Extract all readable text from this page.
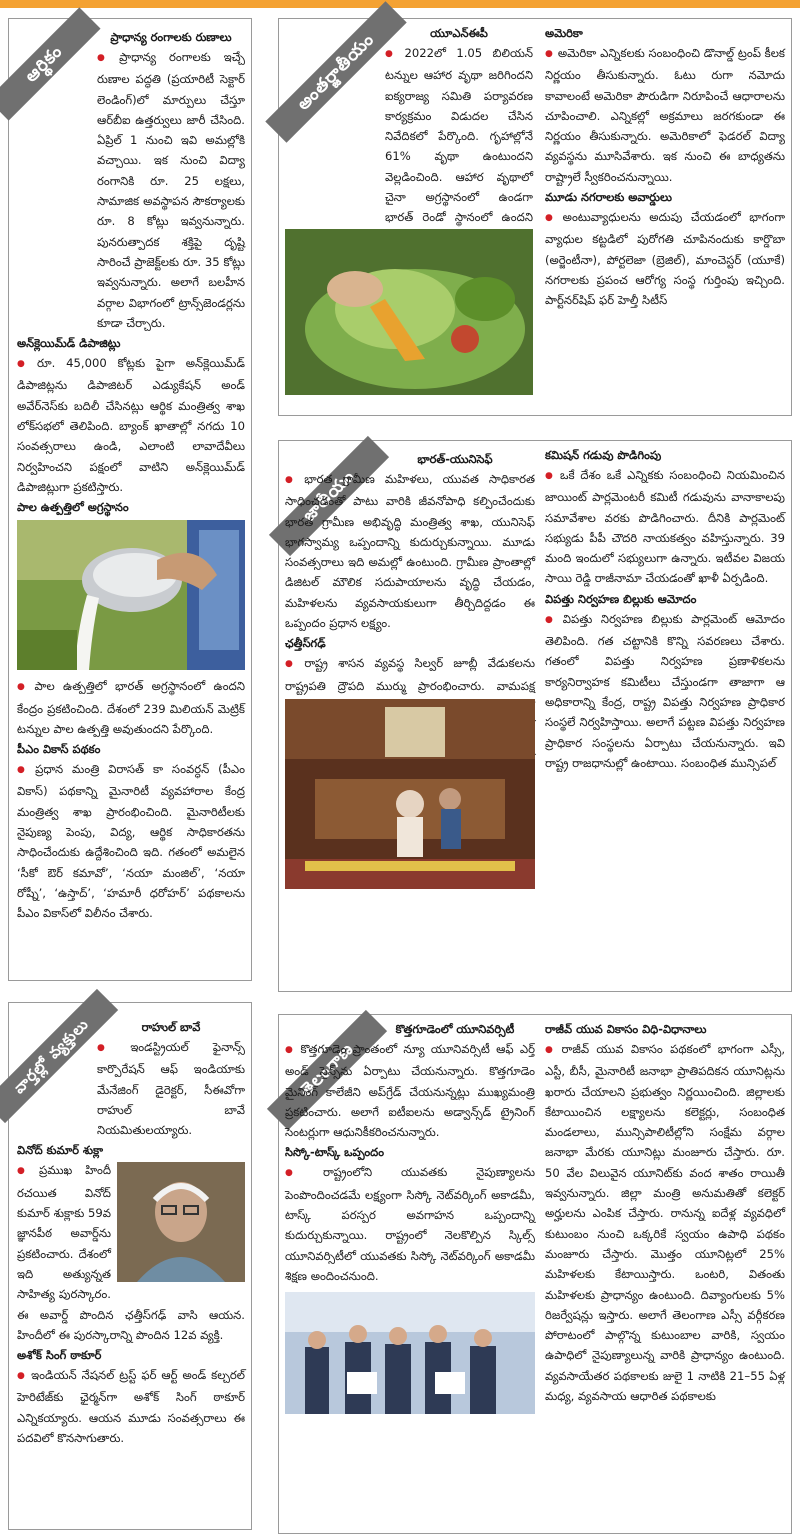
ఆర్థికం
ప్రాధాన్య రంగాలకు రుణాలు
● ప్రాధాన్య రంగాలకు ఇచ్చే రుణాల పద్ధతి (ప్రయారిటీ సెక్టార్ లెండింగ్)లో మార్పులు చేస్తూ ఆర్‌బీఐ ఉత్తర్వులు జారీ చేసింది. ఏప్రిల్ 1 నుంచి ఇవి అమల్లోకి వచ్చాయి. ఇక నుంచి విద్యా రంగానికి రూ. 25 లక్షలు, సామాజిక అవస్థాపన సౌకర్యాలకు రూ. 8 కోట్లు ఇవ్వనున్నారు. పునరుత్పాదక శక్తిపై దృష్టి సారించే ప్రాజెక్ట్‌లకు రూ. 35 కోట్లు ఇవ్వనున్నారు. అలాగే బలహీన వర్గాల విభాగంలో ట్రాన్స్‌జెండర్లను కూడా చేర్చారు.
అన్‌క్లెయిమ్‌డ్ డిపాజిట్లు
● రూ. 45,000 కోట్లకు పైగా అన్‌క్లెయిమ్‌డ్ డిపాజిట్లను డిపాజిటర్ ఎడ్యుకేషన్ అండ్ అవేర్‌నెస్‌కు బదిలీ చేసినట్లు ఆర్థిక మంత్రిత్వ శాఖ లోక్‌సభలో తెలిపింది. బ్యాంక్ ఖాతాల్లో నగదు 10 సంవత్సరాలు ఉండి, ఎలాంటి లావాదేవీలు నిర్వహించని పక్షంలో వాటిని అన్‌క్లెయిమ్‌డ్ డిపాజిట్లుగా ప్రకటిస్తారు.
పాల ఉత్పత్తిలో అగ్రస్థానం
● పాల ఉత్పత్తిలో భారత్ అగ్రస్థానంలో ఉందని కేంద్రం ప్రకటించింది. దేశంలో 239 మిలియన్ మెట్రిక్ టన్నుల పాల ఉత్పత్తి అవుతుందని పేర్కొంది.
పీఎం వికాస్ పథకం
● ప్రధాన మంత్రి విరాసత్ కా సంవర్ధన్ (పీఎం వికాస్) పథకాన్ని మైనారిటీ వ్యవహారాల కేంద్ర మంత్రిత్వ శాఖ ప్రారంభించింది. మైనారిటీలకు నైపుణ్య పెంపు, విద్య, ఆర్థిక సాధికారతను సాధించేందుకు ఉద్దేశించింది ఇది. గతంలో అమలైన ‘సీకో ఔర్ కమావో’, ‘నయా మంజిల్’, ‘నయా రోష్నీ’, ‘ఉస్తాద్’, ‘హమారీ ధరోహర్’ పథకాలను పీఎం వికాస్‌లో విలీనం చేశారు.
వార్తల్లో వ్యక్తులు	రాహుల్ బావే
● ఇండస్ట్రియల్ ఫైనాన్స్ కార్పొరేషన్ ఆఫ్ ఇండియాకు మేనేజింగ్ డైరెక్టర్, సీఈవోగా రాహుల్ బావే నియమితులయ్యారు.
వినోద్ కుమార్ శుక్లా
● ప్రముఖ హిందీ రచయిత వినోద్ కుమార్ శుక్లాకు 59వ జ్ఞానపీఠ అవార్డ్‌ను ప్రకటించారు. దేశంలో ఇది అత్యున్నత సాహిత్య పురస్కారం. ఈ అవార్డ్ పొందిన ఛత్తీస్‌గఢ్ వాసి ఆయన. హిందీలో ఈ పురస్కారాన్ని పొందిన 12వ వ్యక్తి.
అశోక్ సింగ్ ఠాకూర్
● ఇండియన్ నేషనల్ ట్రస్ట్ ఫర్ ఆర్ట్ అండ్ కల్చరల్ హెరిటేజ్‌కు ఛైర్మన్‌గా అశోక్ సింగ్ ఠాకూర్ ఎన్నికయ్యారు. ఆయన మూడు సంవత్సరాలు ఈ పదవిలో కొనసాగుతారు.
అంతర్జాతీయం	యూఎన్ఈపీ
● 2022లో 1.05 బిలియన్ టన్నుల ఆహార వృథా జరిగిందని ఐక్యరాజ్య సమితి పర్యావరణ కార్యక్రమం విడుదల చేసిన నివేదికలో పేర్కొంది. గృహాల్లోనే 61% వృథా ఉంటుందని వెల్లడించింది. ఆహార వృథాలో చైనా అగ్రస్థానంలో ఉండగా భారత్ రెండో స్థానంలో ఉందని
అమెరికా
● అమెరికా ఎన్నికలకు సంబంధించి డొనాల్డ్ ట్రంప్ కీలక నిర్ణయం తీసుకున్నారు. ఓటు రుగా నమోదు కావాలంటే అమెరికా పౌరుడిగా నిరూపించే ఆధారాలను చూపించాలి. ఎన్నికల్లో అక్రమాలు జరగకుండా ఈ నిర్ణయం తీసుకున్నారు. అమెరికాలో ఫెడరల్ విద్యా వ్యవస్థను మూసివేశారు. ఇక నుంచి ఈ బాధ్యతను రాష్ట్రాలే స్వీకరించనున్నాయి.
మూడు నగరాలకు అవార్డులు
● అంటువ్యాధులను అదుపు చేయడంలో భాగంగా వ్యాధుల కట్టడిలో పురోగతి చూపినందుకు కార్డొబా (అర్జెంటీనా), పోర్టలెజా (బ్రెజిల్), మాంచెస్టర్ (యూకే) నగరాలకు ప్రపంచ ఆరోగ్య సంస్థ గుర్తింపు ఇచ్చింది. పార్ట్‌నర్‌షిప్ ఫర్ హెల్తీ సిటీస్
జాతీయం
భారత్-యునిసెఫ్
● భారత గ్రామీణ మహిళలు, యువత సాధికారత సాధించడంతో పాటు వారికి జీవనోపాధి కల్పించేందుకు భారత గ్రామీణ అభివృద్ధి మంత్రిత్వ శాఖ, యునిసెఫ్ భాగస్వామ్య ఒప్పందాన్ని కుదుర్చుకున్నాయి. మూడు సంవత్సరాలు ఇది అమల్లో ఉంటుంది. గ్రామీణ ప్రాంతాల్లో డిజిటల్ మౌలిక సదుపాయాలను వృద్ధి చేయడం, మహిళలను వ్యవసాయకులుగా తీర్చిదిద్దడం ఈ ఒప్పందం ప్రధాన లక్ష్యం.
ఛత్తీస్‌గఢ్
● రాష్ట్ర శాసన వ్యవస్థ సిల్వర్ జూబ్లీ వేడుకలను రాష్ట్రపతి ద్రౌపది ముర్ము ప్రారంభించారు. వామపక్ష
కమిషన్ గడువు పొడిగింపు
● ఒకే దేశం ఒకే ఎన్నికకు సంబంధించి నియమించిన జాయింట్ పార్లమెంటరీ కమిటీ గడువును వానాకాలపు సమావేశాల వరకు పొడిగించారు. దీనికి పార్లమెంట్ సభ్యుడు పీపీ చౌదరి నాయకత్వం వహిస్తున్నారు. 39 మంది ఇందులో సభ్యులుగా ఉన్నారు. ఇటీవల విజయ సాయి రెడ్డి రాజీనామా చేయడంతో ఖాళీ ఏర్పడింది.
విపత్తు నిర్వహణ బిల్లుకు ఆమోదం
● విపత్తు నిర్వహణ బిల్లుకు పార్లమెంట్ ఆమోదం తెలిపింది. గత చట్టానికి కొన్ని సవరణలు చేశారు. గతంలో విపత్తు నిర్వహణ ప్రణాళికలను కార్యనిర్వాహక కమిటీలు చేస్తుండగా తాజాగా ఆ అధికారాన్ని కేంద్ర, రాష్ట్ర విపత్తు నిర్వహణ ప్రాధికార సంస్థలే నిర్వహిస్తాయి. అలాగే పట్టణ విపత్తు నిర్వహణ ప్రాధికార సంస్థలను ఏర్పాటు చేయనున్నారు. ఇవి రాష్ట్ర రాజధానుల్లో ఉంటాయి. సంబంధిత మున్సిపల్
తెలంగాణ
కొత్తగూడెంలో యూనివర్సిటీ
● కొత్తగూడెం ప్రాంతంలో న్యూ యూనివర్సిటీ ఆఫ్ ఎర్త్ అండ్ సైన్స్‌ను ఏర్పాటు చేయనున్నారు. కొత్తగూడెం మైనింగ్ కాలేజీని అప్‌గ్రేడ్ చేయనున్నట్లు ముఖ్యమంత్రి ప్రకటించారు. అలాగే ఐటీఐలను అడ్వాన్స్‌డ్ ట్రైనింగ్ సెంటర్లుగా ఆధునికీకరించనున్నారు.
సిస్కో-టాస్క్ ఒప్పందం
● రాష్ట్రంలోని యువతకు నైపుణ్యాలను పెంపొందించడమే లక్ష్యంగా సిస్కో నెట్‌వర్కింగ్ అకాడమీ, టాస్క్ పరస్పర అవగాహన ఒప్పందాన్ని కుదుర్చుకున్నాయి. రాష్ట్రంలో నెలకొల్పిన స్కిల్స్ యూనివర్సిటీలో యువతకు సిస్కో నెట్‌వర్కింగ్ అకాడమీ శిక్షణ అందించనుంది.
రాజీవ్ యువ వికాసం విధి-విధానాలు
● రాజీవ్ యువ వికాసం పథకంలో భాగంగా ఎస్సీ, ఎస్టీ, బీసీ, మైనారిటీ జనాభా ప్రాతిపదికన యూనిట్లను ఖరారు చేయాలని ప్రభుత్వం నిర్ణయించింది. జిల్లాలకు కేటాయించిన లక్ష్యాలను కలెక్టర్లు, సంబంధిత మండలాలు, మున్సిపాలిటీల్లోని సంక్షేమ వర్గాల జనాభా మేరకు యూనిట్లు మంజూరు చేస్తారు. రూ. 50 వేల విలువైన యూనిట్‌కు వంద శాతం రాయితీ ఇవ్వనున్నారు. జిల్లా మంత్రి అనుమతితో కలెక్టర్ అర్హులను ఎంపిక చేస్తారు. రానున్న ఐదేళ్ల వ్యవధిలో కుటుంబం నుంచి ఒక్కరికే స్వయం ఉపాధి పథకం మంజూరు చేస్తారు. మొత్తం యూనిట్లలో 25% మహిళలకు కేటాయిస్తారు. ఒంటరి, వితంతు మహిళలకు ప్రాధాన్యం ఉంటుంది. దివ్యాంగులకు 5% రిజర్వేషన్లు ఇస్తారు. అలాగే తెలంగాణ ఎస్సీ వర్గీకరణ పోరాటంలో పాల్గొన్న కుటుంబాల వారికి, స్వయం ఉపాధిలో నైపుణ్యాలున్న వారికి ప్రాధాన్యం ఉంటుంది. వ్యవసాయేతర పథకాలకు జులై 1 నాటికి 21–55 ఏళ్ల మధ్య, వ్యవసాయ ఆధారిత పథకాలకు
